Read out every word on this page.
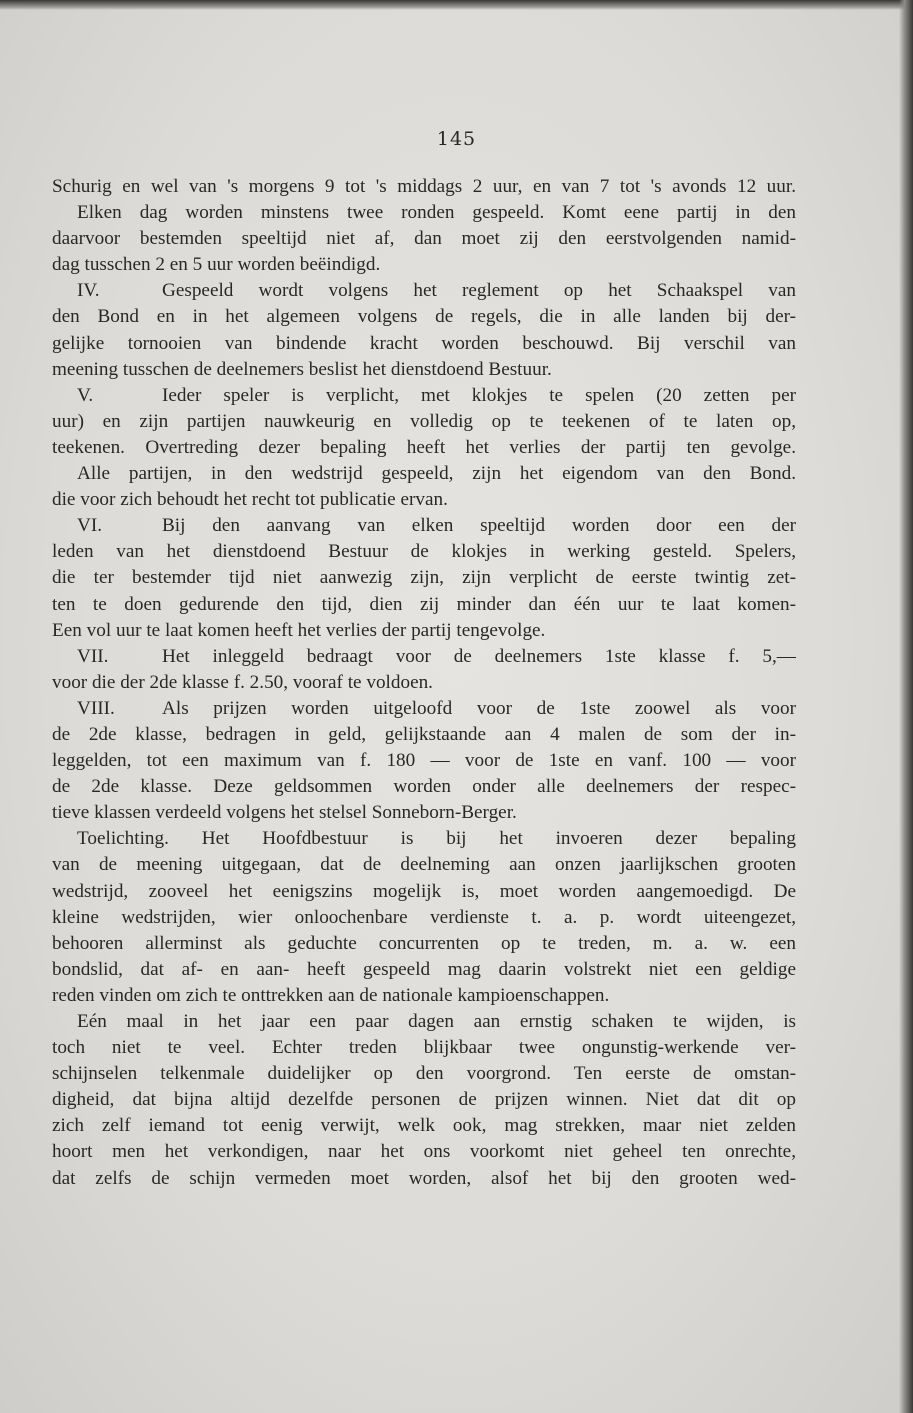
145
Schurig en wel van 's morgens 9 tot 's middags 2 uur, en van 7 tot 's avonds 12 uur.
Elken dag worden minstens twee ronden gespeeld. Komt eene partij in den
daarvoor bestemden speeltijd niet af, dan moet zij den eerstvolgenden namid-
dag tusschen 2 en 5 uur worden beëindigd.
IV.	Gespeeld wordt volgens het reglement op het Schaakspel van
den Bond en in het algemeen volgens de regels, die in alle landen bij der-
gelijke tornooien van bindende kracht worden beschouwd. Bij verschil van
meening tusschen de deelnemers beslist het dienstdoend Bestuur.
V.	Ieder speler is verplicht, met klokjes te spelen (20 zetten per
uur) en zijn partijen nauwkeurig en volledig op te teekenen of te laten op,
teekenen. Overtreding dezer bepaling heeft het verlies der partij ten gevolge.
Alle partijen, in den wedstrijd gespeeld, zijn het eigendom van den Bond.
die voor zich behoudt het recht tot publicatie ervan.
VI.	Bij den aanvang van elken speeltijd worden door een der
leden van het dienstdoend Bestuur de klokjes in werking gesteld. Spelers,
die ter bestemder tijd niet aanwezig zijn, zijn verplicht de eerste twintig zet-
ten te doen gedurende den tijd, dien zij minder dan één uur te laat komen-
Een vol uur te laat komen heeft het verlies der partij tengevolge.
VII.	Het inleggeld bedraagt voor de deelnemers 1ste klasse f. 5,—
voor die der 2de klasse f. 2.50, vooraf te voldoen.
VIII. Als prijzen worden uitgeloofd voor de 1ste zoowel als voor
de 2de klasse, bedragen in geld, gelijkstaande aan 4 malen de som der in-
leggelden, tot een maximum van f. 180 — voor de 1ste en vanf. 100 — voor
de 2de klasse. Deze geldsommen worden onder alle deelnemers der respec-
tieve klassen verdeeld volgens het stelsel Sonneborn-Berger.
Toelichting. Het Hoofdbestuur is bij het invoeren dezer bepaling
van de meening uitgegaan, dat de deelneming aan onzen jaarlijkschen grooten
wedstrijd, zooveel het eenigszins mogelijk is, moet worden aangemoedigd. De
kleine wedstrijden, wier onloochenbare verdienste t. a. p. wordt uiteengezet,
behooren allerminst als geduchte concurrenten op te treden, m. a. w. een
bondslid, dat af- en aan- heeft gespeeld mag daarin volstrekt niet een geldige
reden vinden om zich te onttrekken aan de nationale kampioenschappen.
Eén maal in het jaar een paar dagen aan ernstig schaken te wijden, is
toch niet te veel. Echter treden blijkbaar twee ongunstig-werkende ver-
schijnselen telkenmale duidelijker op den voorgrond. Ten eerste de omstan-
digheid, dat bijna altijd dezelfde personen de prijzen winnen. Niet dat dit op
zich zelf iemand tot eenig verwijt, welk ook, mag strekken, maar niet zelden
hoort men het verkondigen, naar het ons voorkomt niet geheel ten onrechte,
dat zelfs de schijn vermeden moet worden, alsof het bij den grooten wed-
